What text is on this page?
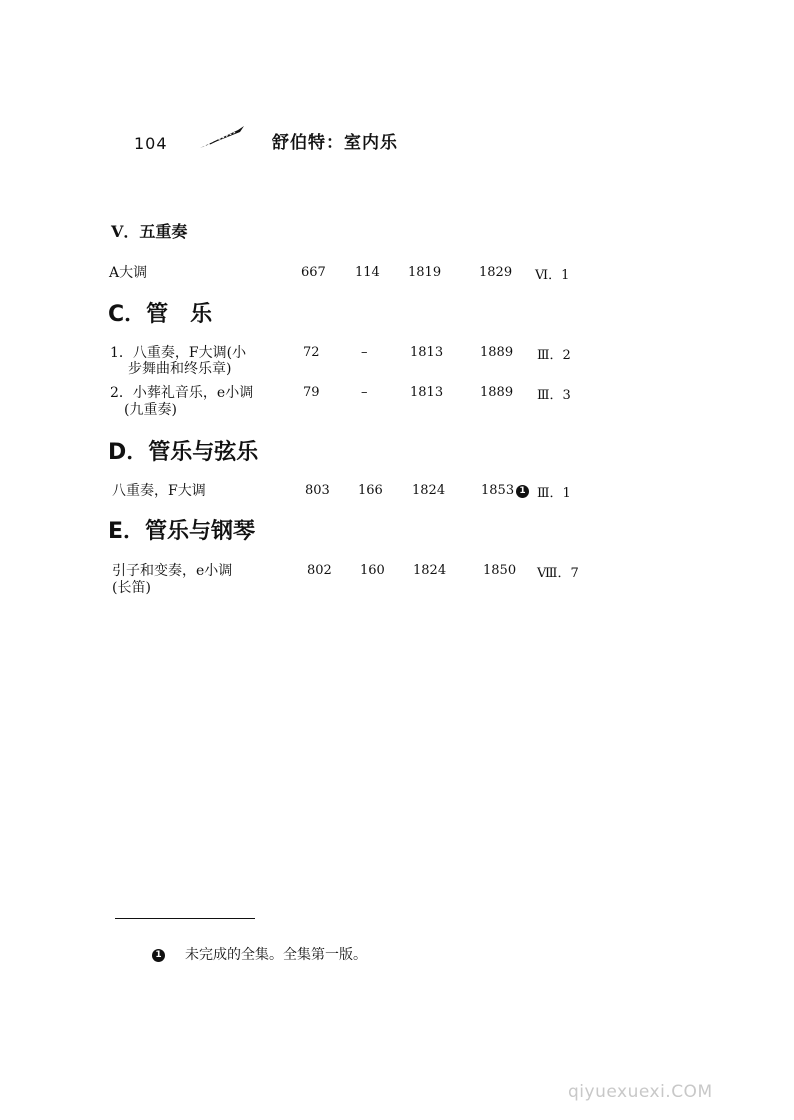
104	舒伯特：室内乐
Ⅴ．五重奏
A大调	667 114 1819	1829 Ⅵ．1
C．管　乐
1．八重奏，F大调(小
步舞曲和终乐章)
72	–	1813	1889 Ⅲ．2
2．小葬礼音乐，e小调
(九重奏)
79	–	1813	1889 Ⅲ．3
D．管乐与弦乐
八重奏，F大调	803 166 1824	1853 1 Ⅲ．1
E．管乐与钢琴
引子和变奏，e小调
(长笛)
802 160 1824	1850 Ⅷ．7
1 未完成的全集。全集第一版。
qiyuexuexi.COM
